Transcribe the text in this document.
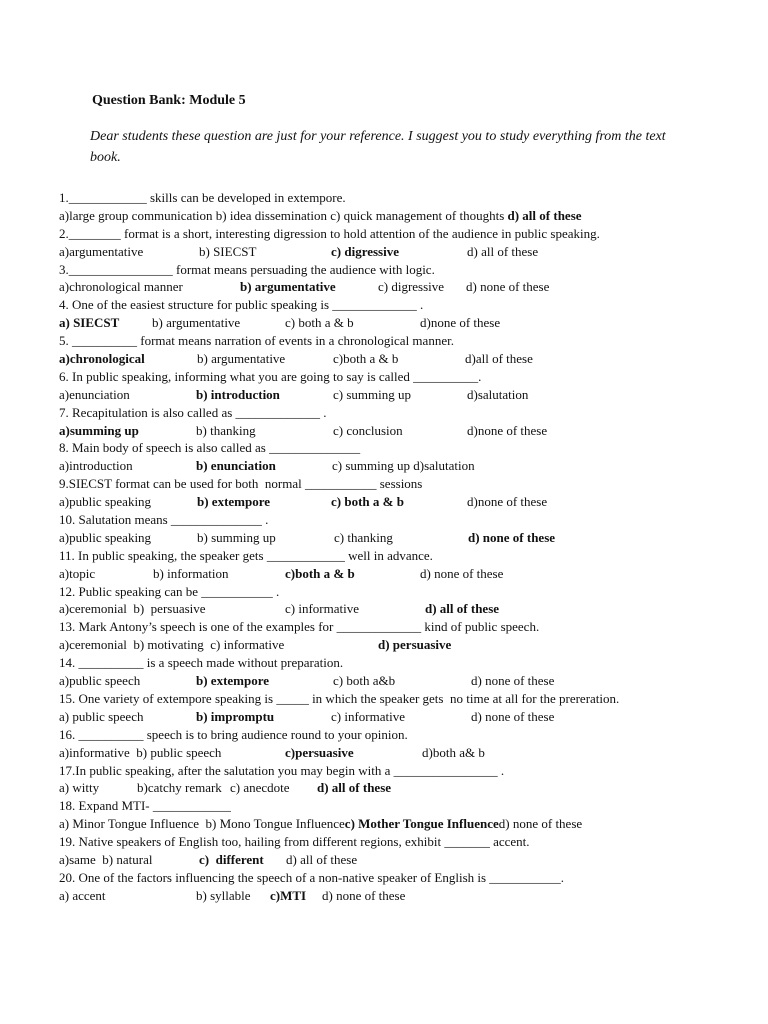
Question Bank: Module 5
Dear students these question are just for your reference. I suggest you to study everything from the text book.
1.____________ skills can be developed in extempore.
a)large group communication b) idea dissemination c) quick management of thoughts d) all of these
2.________ format is a short, interesting digression to hold attention of the audience in public speaking.
a)argumentative	b) SIECST	c) digressive	d) all of these
3.________________ format means persuading the audience with logic.
a)chronological manner	b) argumentative	c) digressive d) none of these
4. One of the easiest structure for public speaking is _____________ .
a) SIECST	b) argumentative	c) both a & b	d)none of these
5. __________ format means narration of events in a chronological manner.
a)chronological	b) argumentative	c)both a & b	d)all of these
6. In public speaking, informing what you are going to say is called __________.
a)enunciation	b) introduction	c) summing up	d)salutation
7. Recapitulation is also called as _____________ .
a)summing up	b) thanking	c) conclusion	d)none of these
8. Main body of speech is also called as ______________
a)introduction	b) enunciation	c) summing up d)salutation
9.SIECST format can be used for both  normal ___________ sessions
a)public speaking	b) extempore	c) both a & b	d)none of these
10. Salutation means ______________ .
a)public speaking	b) summing up	c) thanking	d) none of these
11. In public speaking, the speaker gets ____________ well in advance.
a)topic	b) information	c)both a & b	d) none of these
12. Public speaking can be ___________ .
a)ceremonial  b)  persuasive	c) informative	d) all of these
13. Mark Antony’s speech is one of the examples for _____________ kind of public speech.
a)ceremonial  b) motivating  c) informative	d) persuasive
14. __________ is a speech made without preparation.
a)public speech	b) extempore	c) both a&b	d) none of these
15. One variety of extempore speaking is _____ in which the speaker gets  no time at all for the prereration.
a) public speech	b) impromptu	c) informative	d) none of these
16. __________ speech is to bring audience round to your opinion.
a)informative  b) public speech	c)persuasive	d)both a& b
17.In public speaking, after the salutation you may begin with a ________________ .
a) witty	b)catchy remark c) anecdote d) all of these
18. Expand MTI- ____________
a) Minor Tongue Influence  b) Mono Tongue Influencec) Mother Tongue Influenced) none of these
19. Native speakers of English too, hailing from different regions, exhibit _______ accent.
a)same  b) natural	c)  different d) all of these
20. One of the factors influencing the speech of a non-native speaker of English is ___________.
a) accent	b) syllable c)MTI d) none of these
